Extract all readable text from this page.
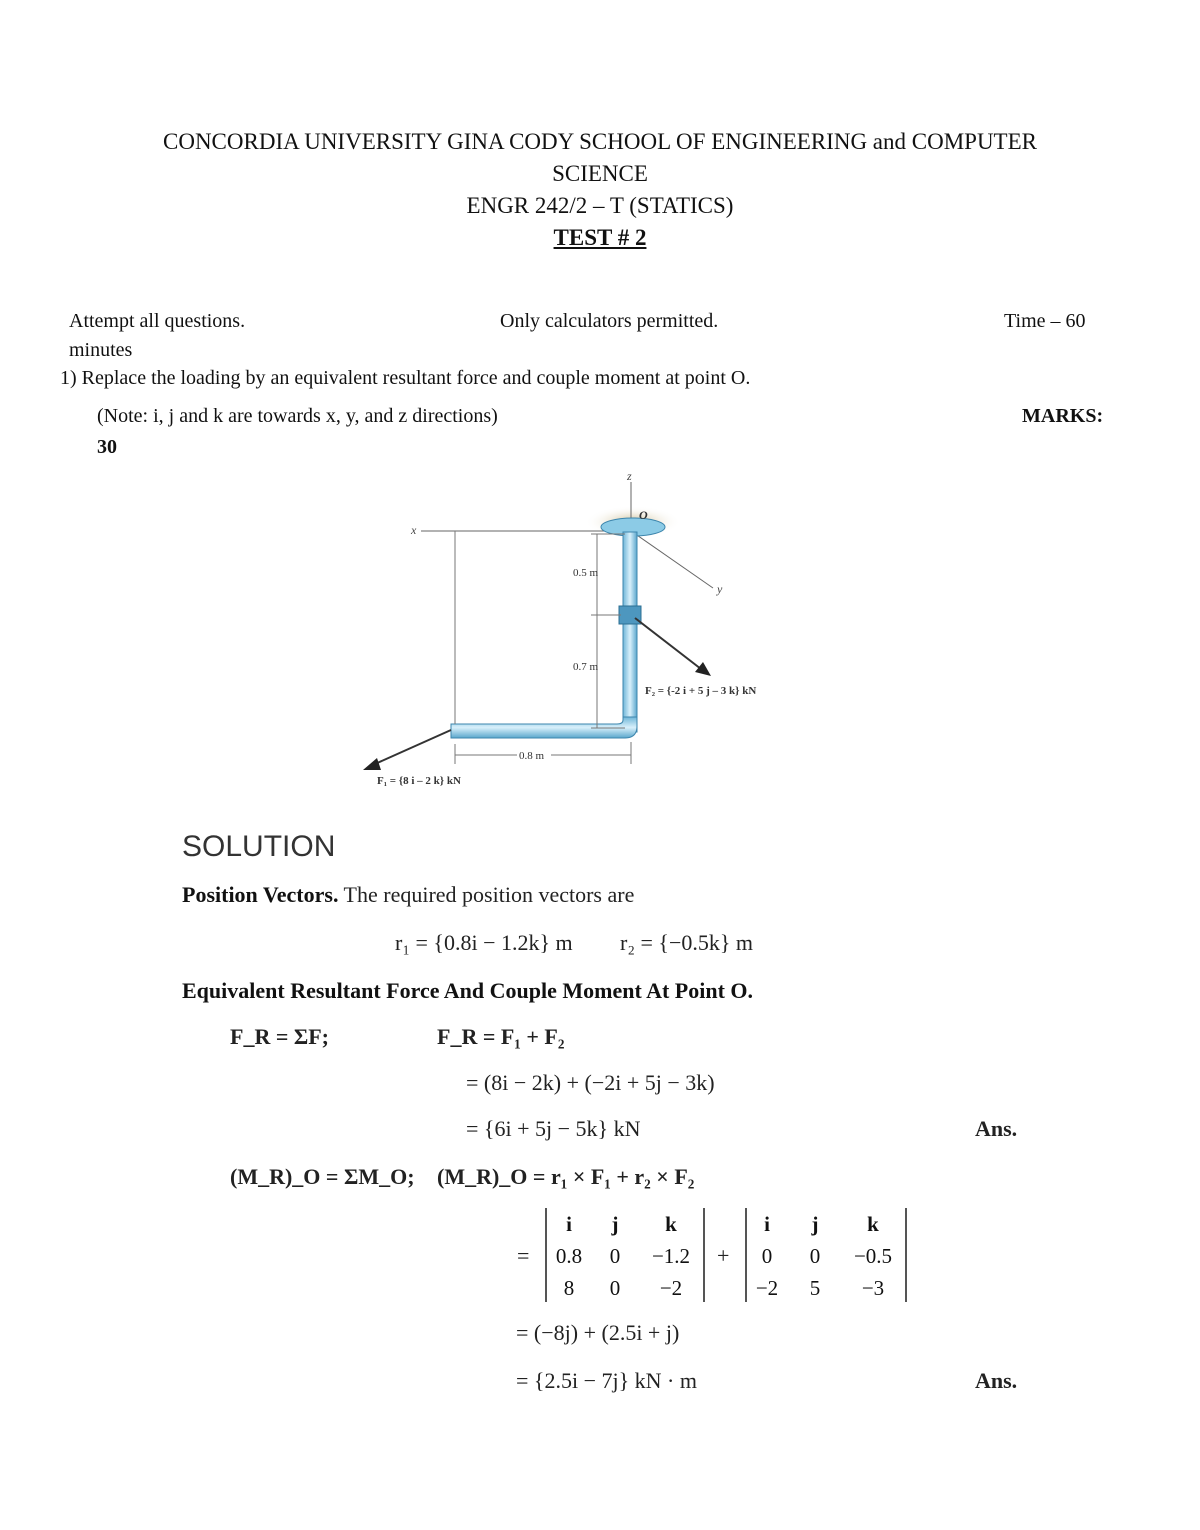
CONCORDIA UNIVERSITY GINA CODY SCHOOL OF ENGINEERING and COMPUTER
SCIENCE
ENGR 242/2 – T (STATICS)
TEST # 2
Attempt all questions.	Only calculators permitted.	Time – 60
minutes
1) Replace the loading by an equivalent resultant force and couple moment at point O.
(Note: i, j and k are towards x, y, and z directions)	MARKS:
30
z
x
y
O
0.5 m
0.7 m
0.8 m
F₂ = {-2 i + 5 j – 3 k} kN
F₁ = {8 i – 2 k} kN
SOLUTION
Position Vectors. The required position vectors are
r₁ = {0.8i − 1.2k} m r₂ = {−0.5k} m
Equivalent Resultant Force And Couple Moment At Point O.
F_R = ΣF;	F_R = F₁ + F₂
= (8i − 2k) + (−2i + 5j − 3k)
= {6i + 5j − 5k} kN	Ans.
(M_R)_O = ΣM_O; (M_R)_O = r₁ × F₁ + r₂ × F₂
=
i	j	k
0.8	0	−1.2
8	0	−2
+
i	j	k
0	0	−0.5
−2	5	−3
= (−8j) + (2.5i + j)
= {2.5i − 7j} kN · m	Ans.
